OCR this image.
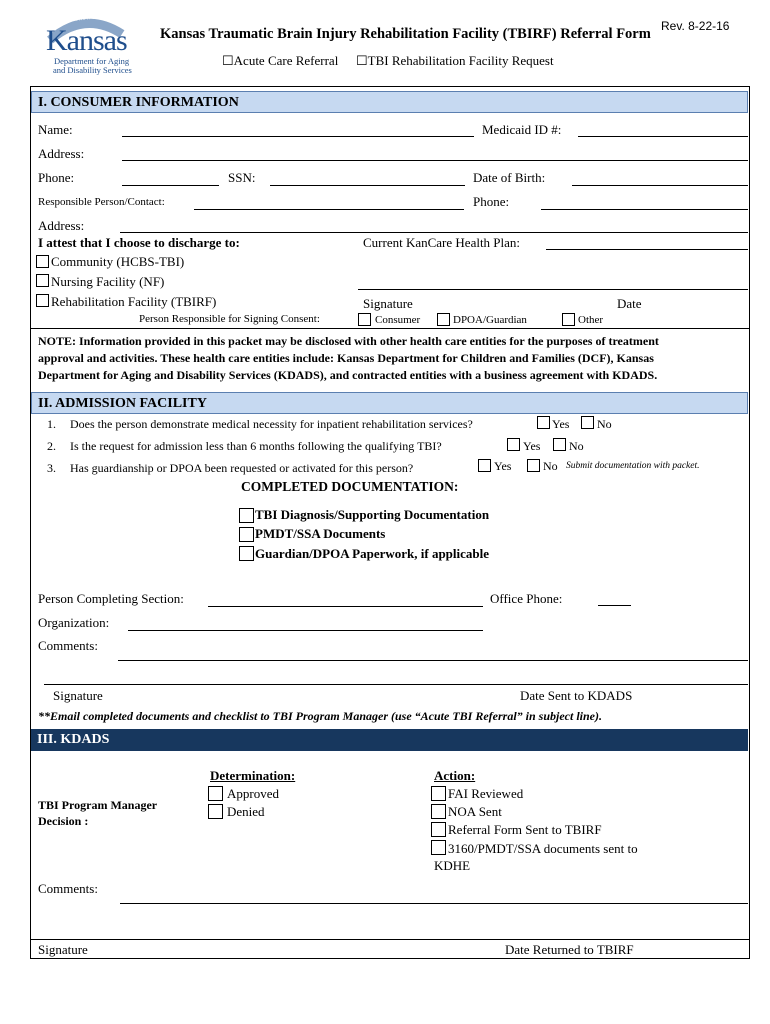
AD ASTRA PER ASPERA
Kansas
Department for Aging
and Disability Services
Kansas Traumatic Brain Injury Rehabilitation Facility (TBIRF) Referral Form Rev. 8-22-16
☐Acute Care Referral ☐TBI Rehabilitation Facility Request
I. CONSUMER INFORMATION
Name:	Medicaid ID #:
Address:
Phone:	SSN:	Date of Birth:
Responsible Person/Contact:	Phone:
Address:
I attest that I choose to discharge to:	Current KanCare Health Plan:
Community (HCBS-TBI)
Nursing Facility (NF)
Rehabilitation Facility (TBIRF)	Signature	Date
Person Responsible for Signing Consent:	Consumer	DPOA/Guardian	Other
NOTE: Information provided in this packet may be disclosed with other health care entities for the purposes of treatment
approval and activities. These health care entities include: Kansas Department for Children and Families (DCF), Kansas
Department for Aging and Disability Services (KDADS), and contracted entities with a business agreement with KDADS.
II. ADMISSION FACILITY
1. Does the person demonstrate medical necessity for inpatient rehabilitation services?	Yes No
2. Is the request for admission less than 6 months following the qualifying TBI?	Yes No
3. Has guardianship or DPOA been requested or activated for this person?	Yes	No Submit documentation with packet.
COMPLETED DOCUMENTATION:
TBI Diagnosis/Supporting Documentation
PMDT/SSA Documents
Guardian/DPOA Paperwork, if applicable
Person Completing Section:	Office Phone:
Organization:
Comments:
Signature	Date Sent to KDADS
**Email completed documents and checklist to TBI Program Manager (use “Acute TBI Referral” in subject line).
III. KDADS
TBI Program Manager
Decision :
Determination:
Approved
Denied
Action:
FAI Reviewed
NOA Sent
Referral Form Sent to TBIRF
3160/PMDT/SSA documents sent to
KDHE
Comments:
Signature	Date Returned to TBIRF
